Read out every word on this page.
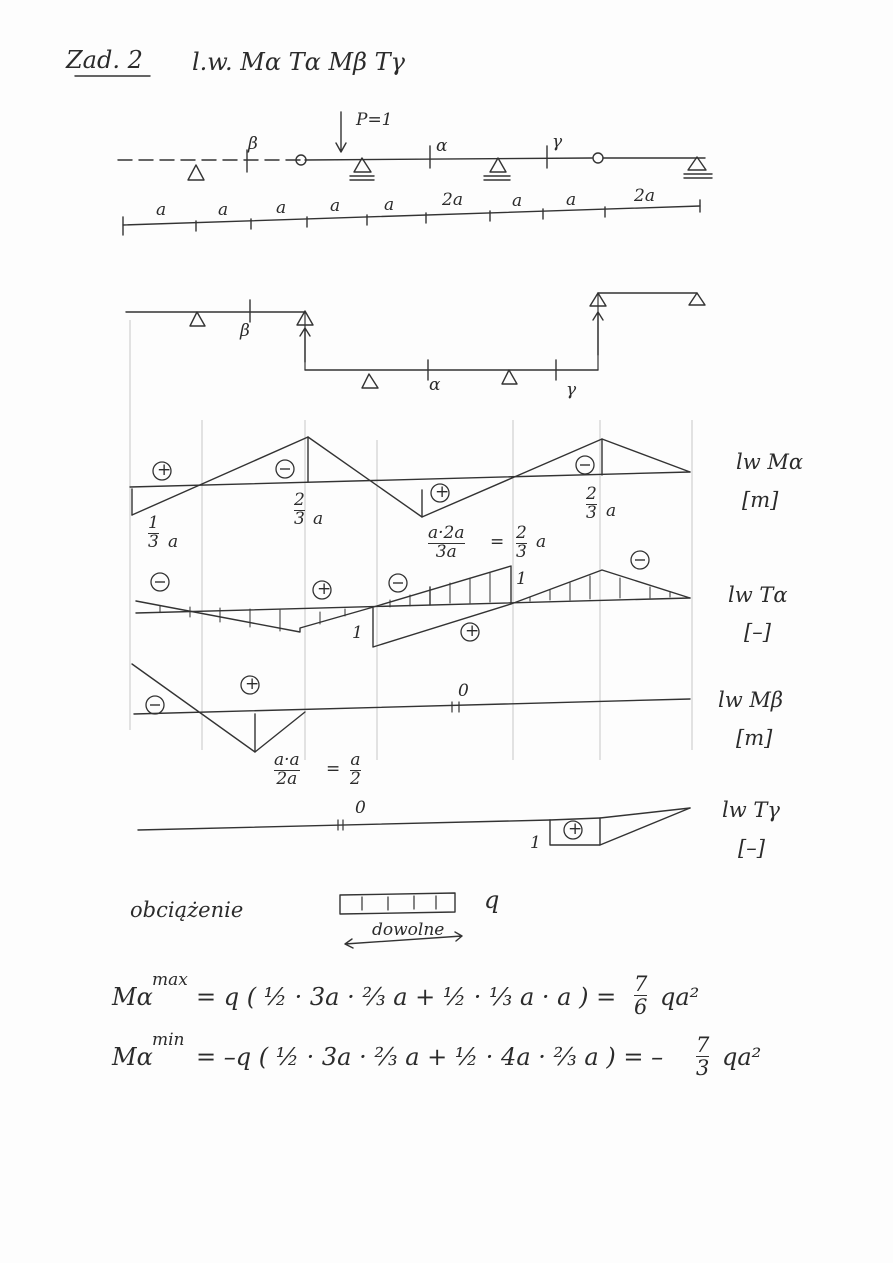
Zad. 2 l.w. Mα Tα Mβ Tγ
P=1
β	α	γ
a	a	a	a	a	2a	a	a	2a
β
α	γ
+
+
1
3 a
2
3 a
2
3 a
a·2a
3a = 2
3 a
lw Mα
[m]
+
+
1
1
lw Tα
[–]
+	0
a·a
2a = a
2
lw Mβ
[m]
+
0
1
lw Tγ
[–]
obciążenie	q
dowolne
Mα
max
= q ( ½ · 3a · ⅔ a + ½ · ⅓ a · a ) = 7
6 qa²
Mα
min
= –q ( ½ · 3a · ⅔ a + ½ · 4a · ⅔ a ) = – 7
3 qa²
